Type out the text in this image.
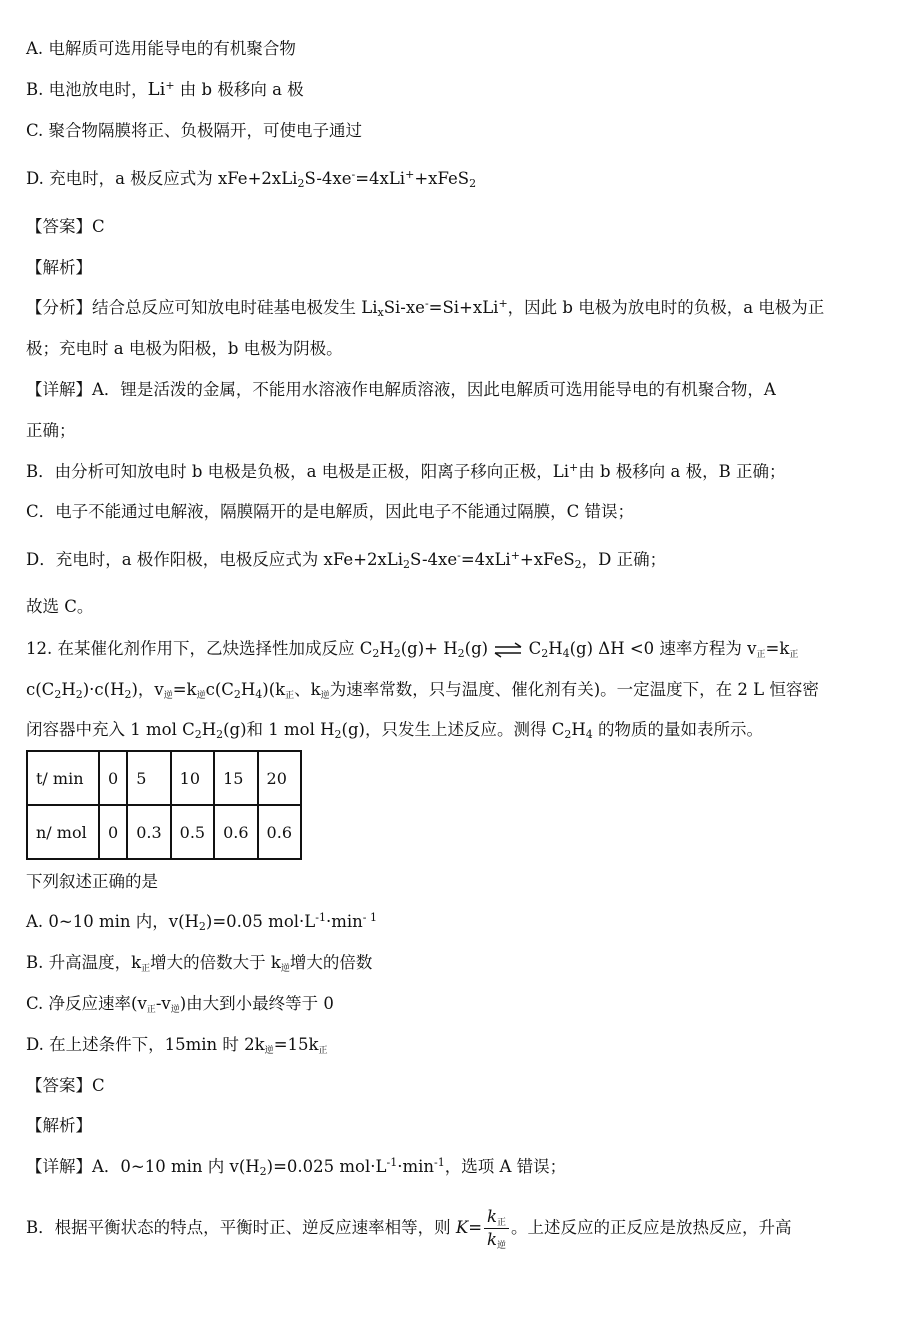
A. 电解质可选用能导电的有机聚合物
B. 电池放电时，Li+ 由 b 极移向 a 极
C. 聚合物隔膜将正、负极隔开，可使电子通过
D. 充电时，a 极反应式为 xFe+2xLi$_2$S-4xe-=4xLi++xFeS$_2$
【答案】C
【解析】
【分析】结合总反应可知放电时硅基电极发生 $Li_xSi-xe^-=Si+xLi^+$，因此 b 电极为放电时的负极，a 电极为正
极；充电时 a 电极为阳极，b 电极为阴极。
【详解】A．锂是活泼的金属，不能用水溶液作电解质溶液，因此电解质可选用能导电的有机聚合物，A
正确；
B．由分析可知放电时 b 电极是负极，a 电极是正极，阳离子移向正极，Li+由 b 极移向 a 极，B 正确；
C．电子不能通过电解液，隔膜隔开的是电解质，因此电子不能通过隔膜，C 错误；
D．充电时，a 极作阳极，电极反应式为 xFe+2xLi$_2$S-4xe-=4xLi++xFeS$_2$，D 正确；
故选 C。
12. 在某催化剂作用下，乙炔选择性加成反应 $C_2H_2(g)+ H_2(g)$ ⇌ $C_2H_4(g)$ ΔH <0 速率方程为 v正=k正
$c(C_2H_2)\cdot c(H_2)$，v逆=k逆$c(C_2H_4)(k$正、k逆为速率常数，只与温度、催化剂有关)。一定温度下，在 2 L 恒容密
闭容器中充入 1 mol $C_2H_2(g)$和 1 mol $H_2(g)$，只发生上述反应。测得 $C_2H_4$ 的物质的量如表所示。
t/ min	0	5	10	15	20
n/ mol	0	0.3	0.5	0.6	0.6
下列叙述正确的是
A. 0~10 min 内，$v(H_2)=0.05$ $mol\cdot L^{-1}\cdot\min^{- 1}$
B. 升高温度，k正增大的倍数大于 k逆增大的倍数
C. 净反应速率(v正-v逆)由大到小最终等于 0
D. 在上述条件下，15min 时 2k逆=15k正
【答案】C
【解析】
【详解】A．0~10 min 内 $v(H_2)=0.025$ $mol\cdot L^{-1}\cdot\min^{-1}$，选项 A 错误；
B．根据平衡状态的特点，平衡时正、逆反应速率相等，则 $K= \frac{\text{k正}}{\text{k逆}}$ 。上述反应的正反应是放热反应，升高
